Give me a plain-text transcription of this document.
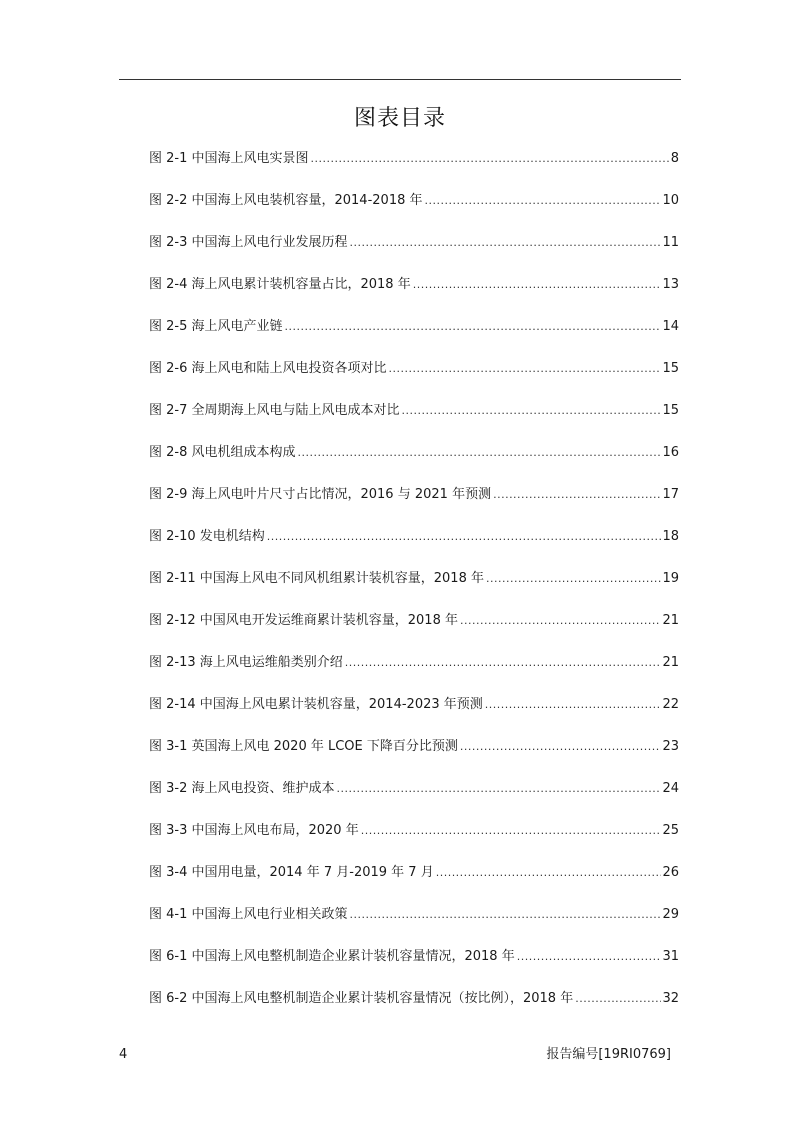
图表目录
图 2-1 中国海上风电实景图 .....	8
图 2-2 中国海上风电装机容量，2014-2018 年 .....	10
图 2-3 中国海上风电行业发展历程 .....	11
图 2-4 海上风电累计装机容量占比，2018 年 .....	13
图 2-5 海上风电产业链 .....	14
图 2-6 海上风电和陆上风电投资各项对比 .....	15
图 2-7 全周期海上风电与陆上风电成本对比 .....	15
图 2-8 风电机组成本构成 .....	16
图 2-9 海上风电叶片尺寸占比情况，2016 与 2021 年预测 .....	17
图 2-10 发电机结构 .....	18
图 2-11 中国海上风电不同风机组累计装机容量，2018 年 .....	19
图 2-12 中国风电开发运维商累计装机容量，2018 年 .....	21
图 2-13 海上风电运维船类别介绍 .....	21
图 2-14 中国海上风电累计装机容量，2014-2023 年预测 .....	22
图 3-1 英国海上风电 2020 年 LCOE 下降百分比预测 .....	23
图 3-2 海上风电投资、维护成本 .....	24
图 3-3 中国海上风电布局，2020 年 .....	25
图 3-4 中国用电量，2014 年 7 月-2019 年 7 月 .....	26
图 4-1 中国海上风电行业相关政策 .....	29
图 6-1 中国海上风电整机制造企业累计装机容量情况，2018 年 .....	31
图 6-2 中国海上风电整机制造企业累计装机容量情况（按比例），2018 年 .....	32
4	报告编号[19RI0769]
